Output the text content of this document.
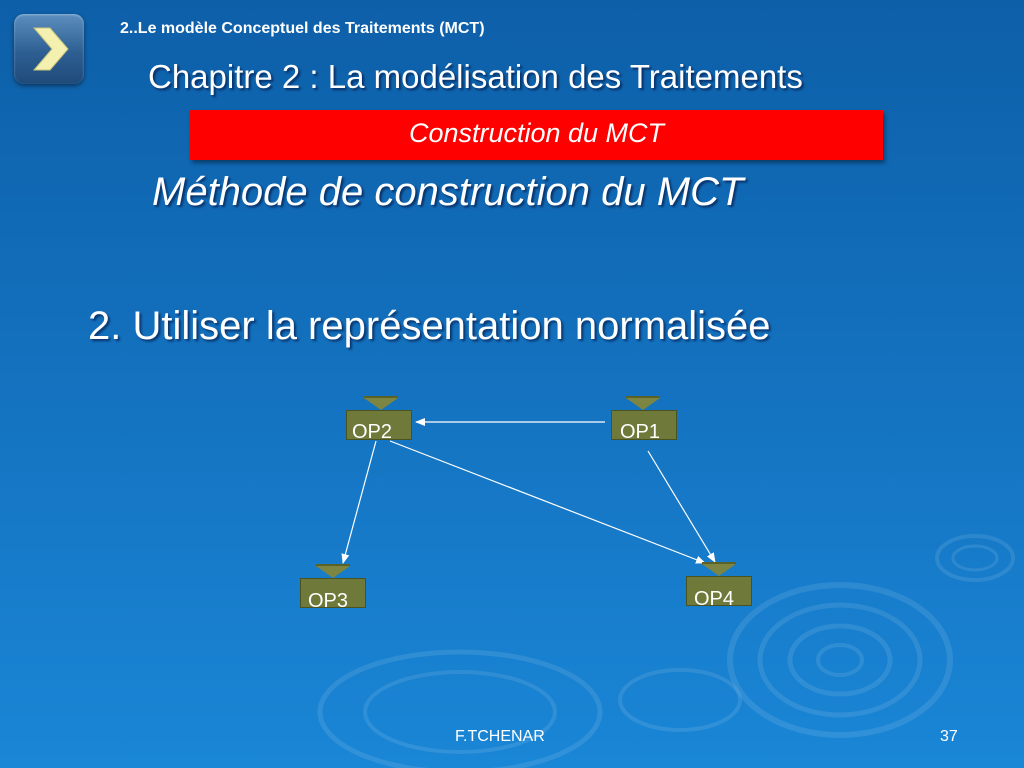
2..Le modèle Conceptuel des Traitements (MCT)
Chapitre 2 : La modélisation des Traitements
Construction du MCT
Méthode de construction du MCT
2. Utiliser la représentation normalisée
OP2	OP1
OP3	OP4
F.TCHENAR	37
